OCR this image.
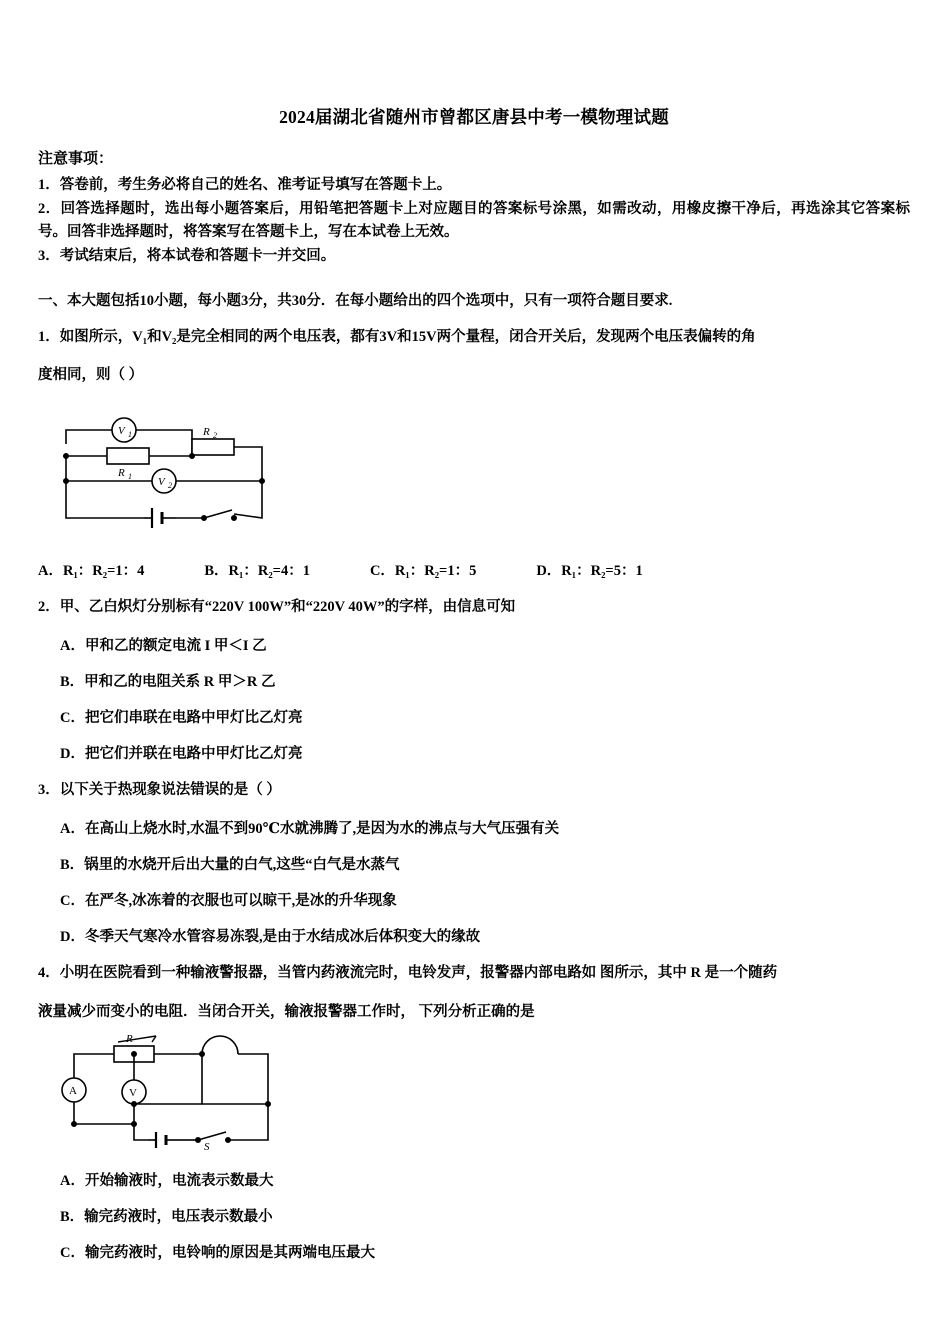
2024届湖北省随州市曾都区唐县中考一模物理试题
注意事项：
1．答卷前，考生务必将自己的姓名、准考证号填写在答题卡上。
2．回答选择题时，选出每小题答案后，用铅笔把答题卡上对应题目的答案标号涂黑，如需改动，用橡皮擦干净后，再选涂其它答案标号。回答非选择题时，将答案写在答题卡上，写在本试卷上无效。
3．考试结束后，将本试卷和答题卡一并交回。
一、本大题包括10小题，每小题3分，共30分．在每小题给出的四个选项中，只有一项符合题目要求.
1．如图所示，V₁和V₂是完全相同的两个电压表，都有3V和15V两个量程，闭合开关后，发现两个电压表偏转的角
度相同，则（ ）
V 1	R 2
R 1 V 2
A．R₁：R₂=1：4	B．R₁：R₂=4：1	C．R₁：R₂=1：5	D．R₁：R₂=5：1
2．甲、乙白炽灯分别标有“220V 100W”和“220V 40W”的字样，由信息可知
A．甲和乙的额定电流 I 甲＜I 乙
B．甲和乙的电阻关系 R 甲＞R 乙
C．把它们串联在电路中甲灯比乙灯亮
D．把它们并联在电路中甲灯比乙灯亮
3．以下关于热现象说法错误的是（ ）
A．在高山上烧水时,水温不到90℃水就沸腾了,是因为水的沸点与大气压强有关
B．锅里的水烧开后出大量的白气,这些“白气是水蒸气
C．在严冬,冰冻着的衣服也可以晾干,是冰的升华现象
D．冬季天气寒冷水管容易冻裂,是由于水结成冰后体积变大的缘故
4．小明在医院看到一种输液警报器，当管内药液流完时，电铃发声，报警器内部电路如 图所示，其中 R 是一个随药
液量减少而变小的电阻．当闭合开关，输液报警器工作时， 下列分析正确的是
R
A	V
S
A．开始输液时，电流表示数最大
B．输完药液时，电压表示数最小
C．输完药液时，电铃响的原因是其两端电压最大
